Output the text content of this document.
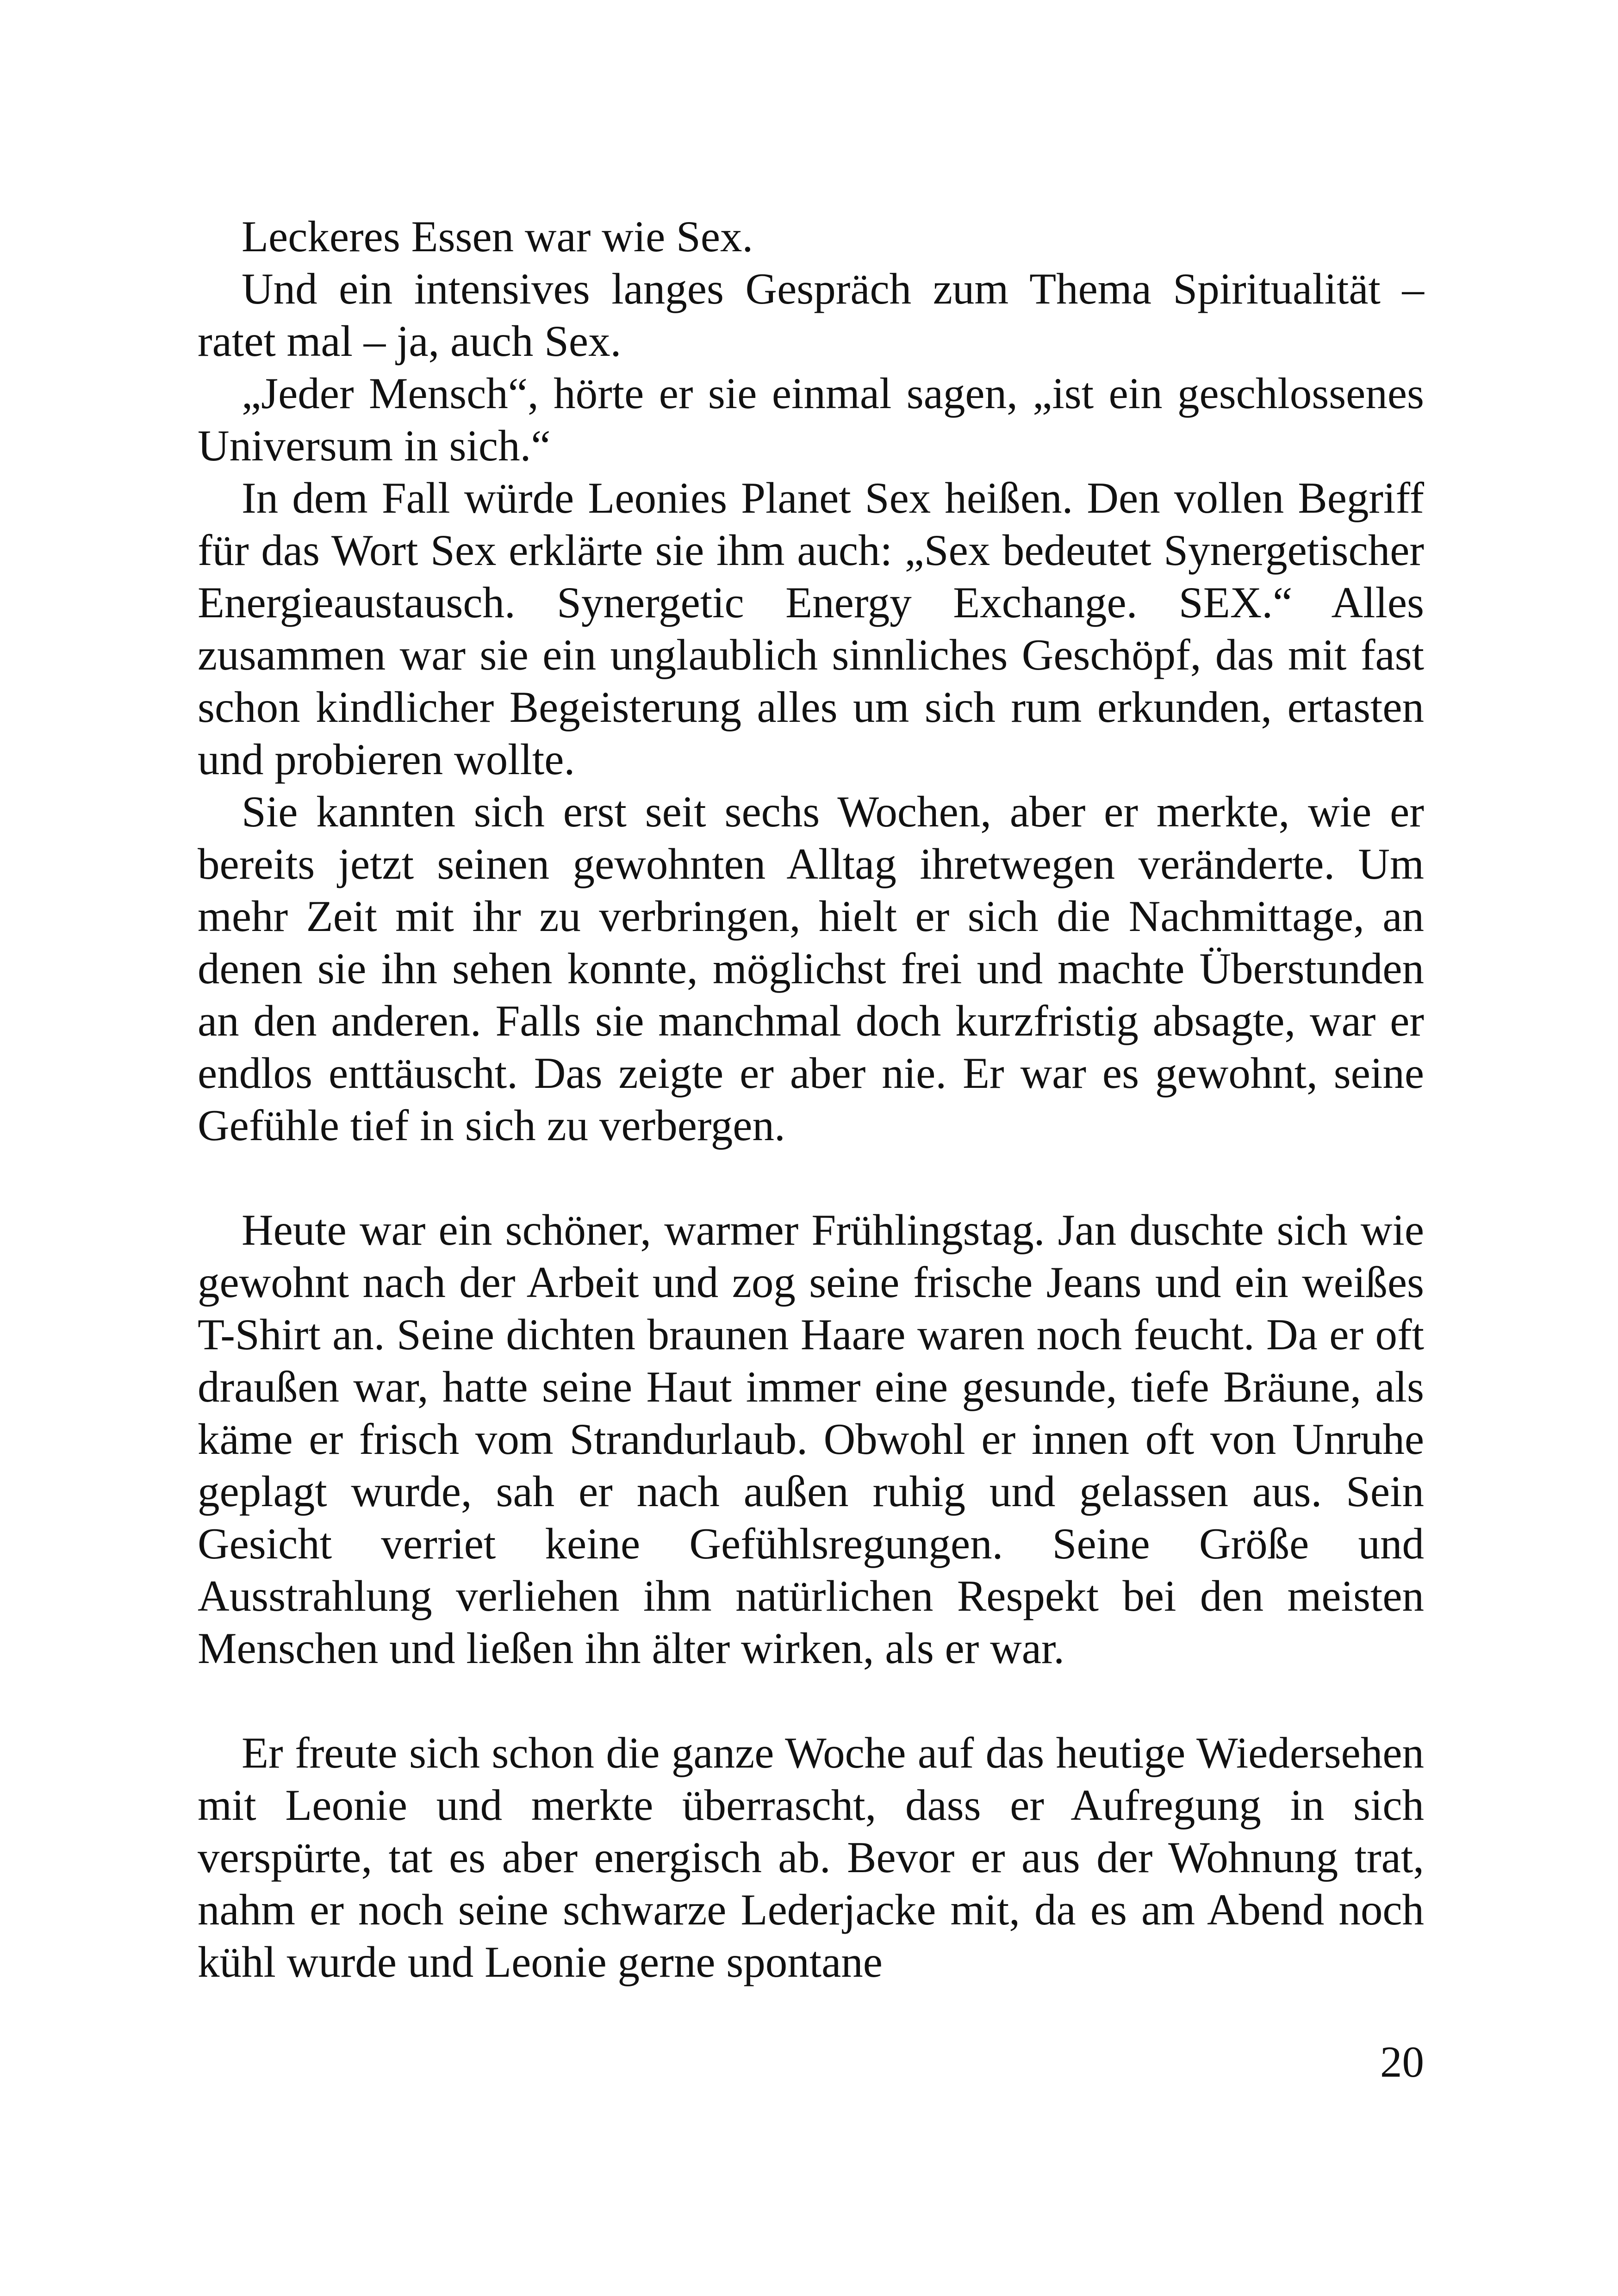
Leckeres Essen war wie Sex.

Und ein intensives langes Gespräch zum Thema Spiritualität – ratet mal – ja, auch Sex.

„Jeder Mensch“, hörte er sie einmal sagen, „ist ein geschlossenes Universum in sich.“

In dem Fall würde Leonies Planet Sex heißen. Den vollen Begriff für das Wort Sex erklärte sie ihm auch: „Sex bedeutet Synergetischer Energieaustausch. Synergetic Energy Exchange. SEX.“ Alles zusammen war sie ein unglaublich sinnliches Geschöpf, das mit fast schon kindlicher Begeisterung alles um sich rum erkunden, ertasten und probieren wollte.

Sie kannten sich erst seit sechs Wochen, aber er merkte, wie er bereits jetzt seinen gewohnten Alltag ihretwegen veränderte. Um mehr Zeit mit ihr zu verbringen, hielt er sich die Nachmittage, an denen sie ihn sehen konnte, möglichst frei und machte Überstunden an den anderen. Falls sie manchmal doch kurzfristig absagte, war er endlos enttäuscht. Das zeigte er aber nie. Er war es gewohnt, seine Gefühle tief in sich zu verbergen.

Heute war ein schöner, warmer Frühlingstag. Jan duschte sich wie gewohnt nach der Arbeit und zog seine frische Jeans und ein weißes T-Shirt an. Seine dichten braunen Haare waren noch feucht. Da er oft draußen war, hatte seine Haut immer eine gesunde, tiefe Bräune, als käme er frisch vom Strandurlaub. Obwohl er innen oft von Unruhe geplagt wurde, sah er nach außen ruhig und gelassen aus. Sein Gesicht verriet keine Gefühlsregungen. Seine Größe und Ausstrahlung verliehen ihm natürlichen Respekt bei den meisten Menschen und ließen ihn älter wirken, als er war.

Er freute sich schon die ganze Woche auf das heutige Wiedersehen mit Leonie und merkte überrascht, dass er Aufregung in sich verspürte, tat es aber energisch ab. Bevor er aus der Wohnung trat, nahm er noch seine schwarze Lederjacke mit, da es am Abend noch kühl wurde und Leonie gerne spontane

20
